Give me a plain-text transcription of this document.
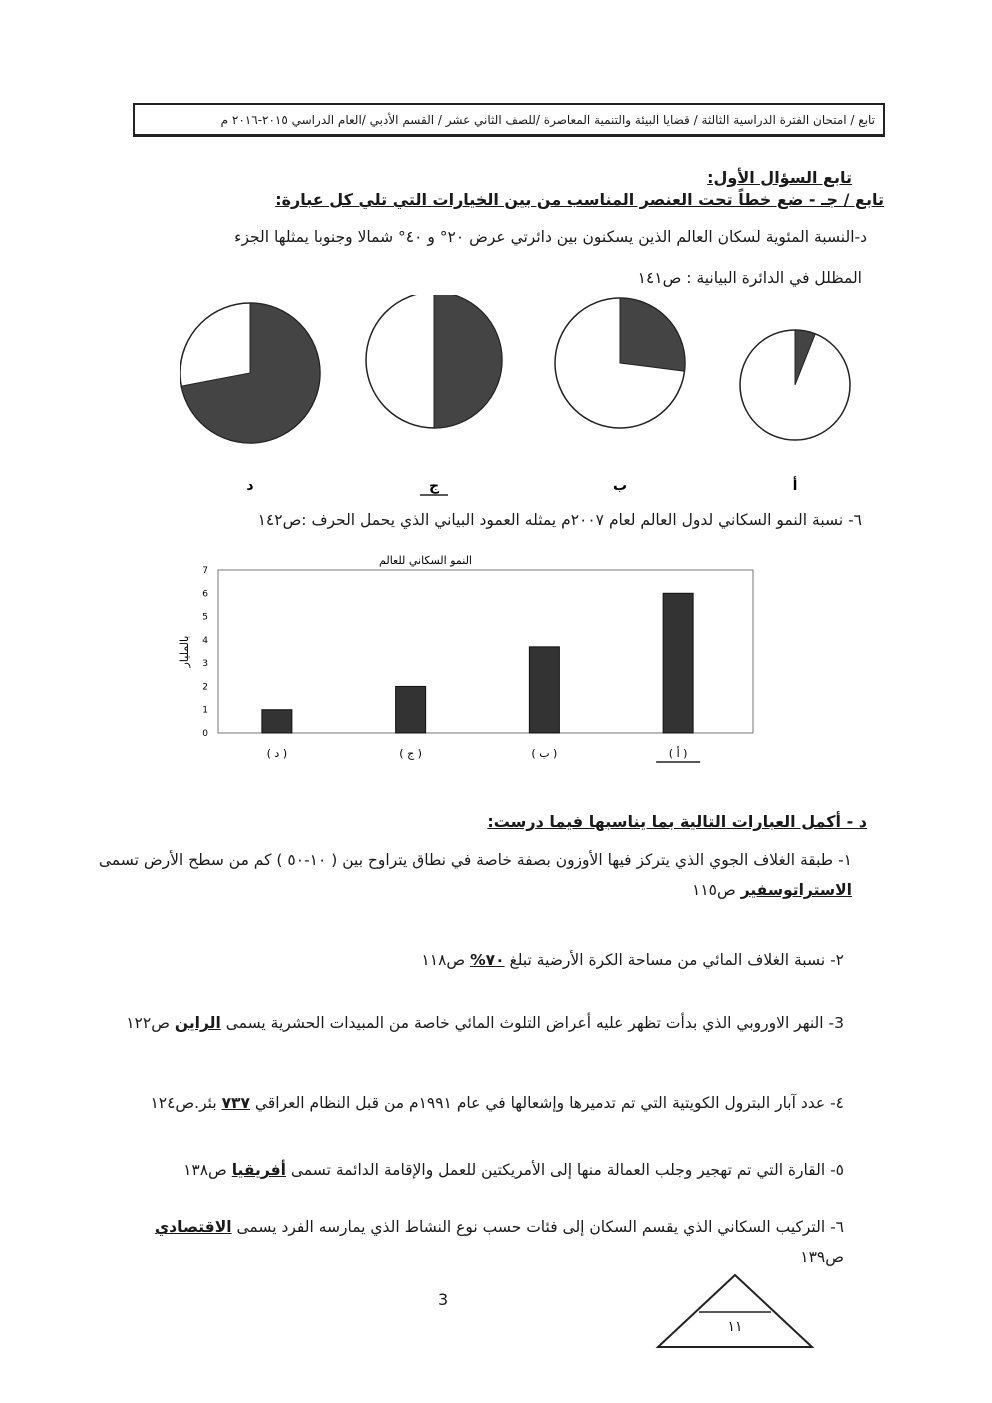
تابع / امتحان الفترة الدراسية الثالثة / قضايا البيئة والتنمية المعاصرة /للصف الثاني عشر / القسم الأدبي /العام الدراسي ٢٠١٥-٢٠١٦ م
تابع السؤال الأول:
تابع / جـ - ضع خطاً تحت العنصر المناسب من بين الخيارات التي تلي كل عبارة:
د-النسبة المئوية لسكان العالم الذين يسكنون بين دائرتي عرض ٢٠° و ٤٠° شمالا وجنوبا يمثلها الجزء
المظلل في الدائرة البيانية : ص١٤١
د	ج	ب	أ
٦- نسبة النمو السكاني لدول العالم لعام ٢٠٠٧م يمثله العمود البياني الذي يحمل الحرف :ص١٤٢
النمو السكاني للعالم
بالمليار
0
1
2
3
4
5
6
7
( د )	( ج )	( ب )	( أ )
د - أكمل العبارات التالية بما يناسبها فيما درست:
١- طبقة الغلاف الجوي الذي يتركز فيها الأوزون بصفة خاصة في نطاق يتراوح بين ( ١٠-٥٠ ) كم من سطح الأرض تسمى الاستراتوسفير ص١١٥
٢- نسبة الغلاف المائي من مساحة الكرة الأرضية تبلغ ٧٠% ص١١٨
3- النهر الاوروبي الذي بدأت تظهر عليه أعراض التلوث المائي خاصة من المبيدات الحشرية يسمى الراين ص١٢٢
٤- عدد آبار البترول الكويتية التي تم تدميرها وإشعالها في عام ١٩٩١م من قبل النظام العراقي ٧٣٧ بئر.ص١٢٤
٥- القارة التي تم تهجير وجلب العمالة منها إلى الأمريكتين للعمل والإقامة الدائمة تسمى أفريقيا ص١٣٨
٦- التركيب السكاني الذي يقسم السكان إلى فئات حسب نوع النشاط الذي يمارسه الفرد يسمى الاقتصادي ص١٣٩
3
١١
